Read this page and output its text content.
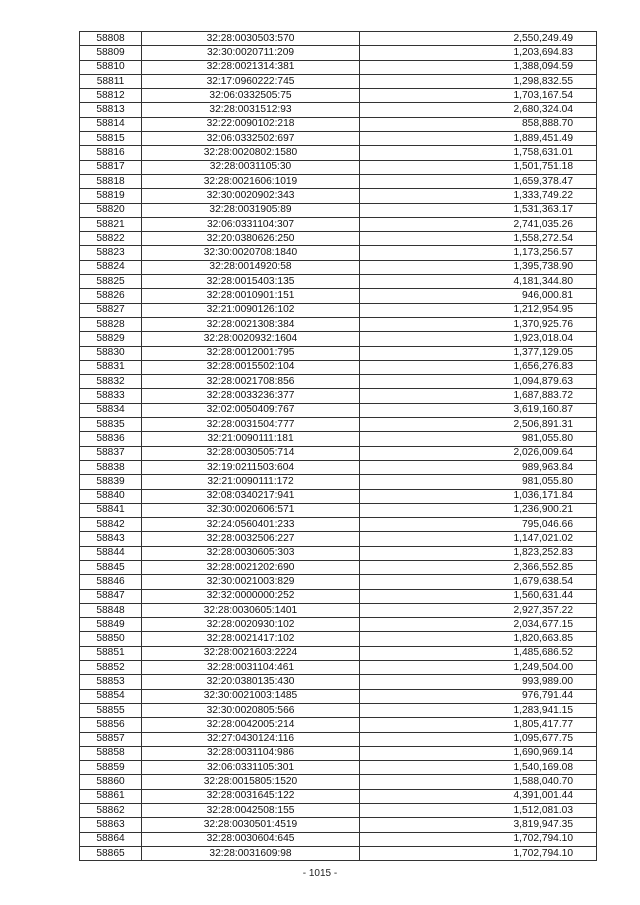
58808	32:28:0030503:570	2,550,249.49
58809	32:30:0020711:209	1,203,694.83
58810	32:28:0021314:381	1,388,094.59
58811	32:17:0960222:745	1,298,832.55
58812	32:06:0332505:75	1,703,167.54
58813	32:28:0031512:93	2,680,324.04
58814	32:22:0090102:218	858,888.70
58815	32:06:0332502:697	1,889,451.49
58816	32:28:0020802:1580	1,758,631.01
58817	32:28:0031105:30	1,501,751.18
58818	32:28:0021606:1019	1,659,378.47
58819	32:30:0020902:343	1,333,749.22
58820	32:28:0031905:89	1,531,363.17
58821	32:06:0331104:307	2,741,035.26
58822	32:20:0380626:250	1,558,272.54
58823	32:30:0020708:1840	1,173,256.57
58824	32:28:0014920:58	1,395,738.90
58825	32:28:0015403:135	4,181,344.80
58826	32:28:0010901:151	946,000.81
58827	32:21:0090126:102	1,212,954.95
58828	32:28:0021308:384	1,370,925.76
58829	32:28:0020932:1604	1,923,018.04
58830	32:28:0012001:795	1,377,129.05
58831	32:28:0015502:104	1,656,276.83
58832	32:28:0021708:856	1,094,879.63
58833	32:28:0033236:377	1,687,883.72
58834	32:02:0050409:767	3,619,160.87
58835	32:28:0031504:777	2,506,891.31
58836	32:21:0090111:181	981,055.80
58837	32:28:0030505:714	2,026,009.64
58838	32:19:0211503:604	989,963.84
58839	32:21:0090111:172	981,055.80
58840	32:08:0340217:941	1,036,171.84
58841	32:30:0020606:571	1,236,900.21
58842	32:24:0560401:233	795,046.66
58843	32:28:0032506:227	1,147,021.02
58844	32:28:0030605:303	1,823,252.83
58845	32:28:0021202:690	2,366,552.85
58846	32:30:0021003:829	1,679,638.54
58847	32:32:0000000:252	1,560,631.44
58848	32:28:0030605:1401	2,927,357.22
58849	32:28:0020930:102	2,034,677.15
58850	32:28:0021417:102	1,820,663.85
58851	32:28:0021603:2224	1,485,686.52
58852	32:28:0031104:461	1,249,504.00
58853	32:20:0380135:430	993,989.00
58854	32:30:0021003:1485	976,791.44
58855	32:30:0020805:566	1,283,941.15
58856	32:28:0042005:214	1,805,417.77
58857	32:27:0430124:116	1,095,677.75
58858	32:28:0031104:986	1,690,969.14
58859	32:06:0331105:301	1,540,169.08
58860	32:28:0015805:1520	1,588,040.70
58861	32:28:0031645:122	4,391,001.44
58862	32:28:0042508:155	1,512,081.03
58863	32:28:0030501:4519	3,819,947.35
58864	32:28:0030604:645	1,702,794.10
58865	32:28:0031609:98	1,702,794.10
- 1015 -
